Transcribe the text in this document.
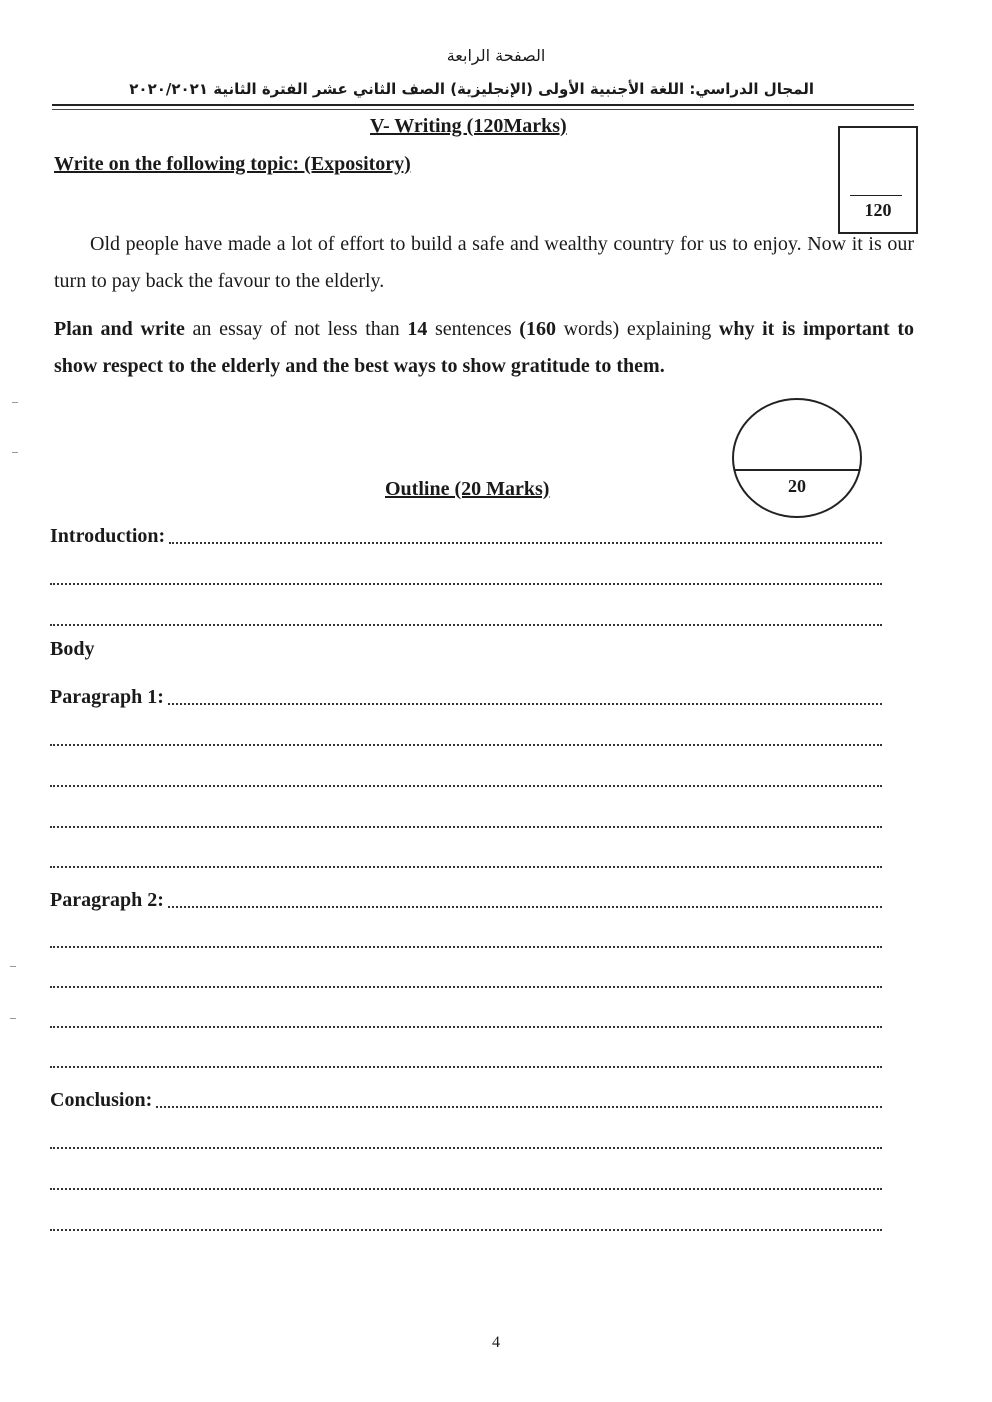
الصفحة الرابعة
المجال الدراسي: اللغة الأجنبية الأولى (الإنجليزية) الصف الثاني عشر الفترة الثانية ٢٠٢٠/٢٠٢١
V- Writing (120Marks)
Write on the following topic: (Expository)
120
Old people have made a lot of effort to build a safe and wealthy country for us to enjoy. Now it is our turn to pay back the favour to the elderly.
Plan and write an essay of not less than 14 sentences (160 words) explaining why it is important to show respect to the elderly and the best ways to show gratitude to them.
20
Outline (20 Marks)
Introduction:
Body
Paragraph 1:
Paragraph 2:
Conclusion:
4
